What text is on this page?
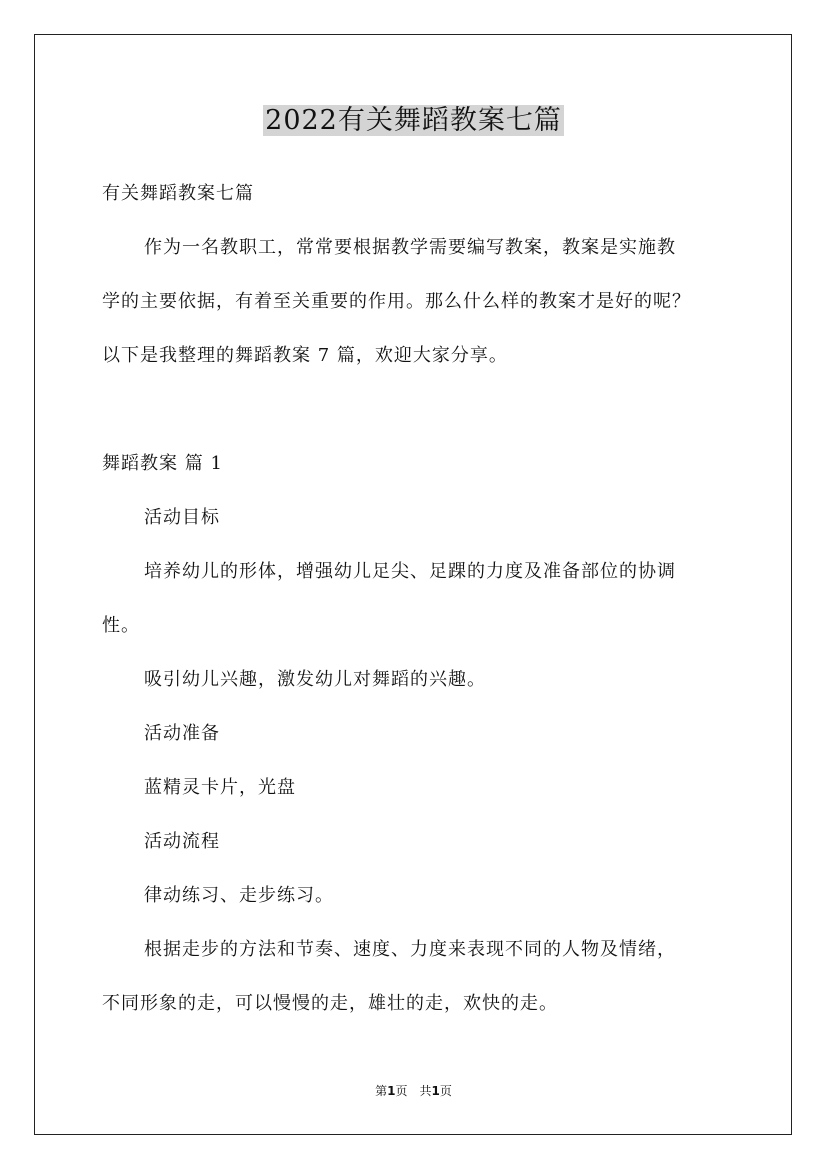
2022有关舞蹈教案七篇
有关舞蹈教案七篇
作为一名教职工，常常要根据教学需要编写教案，教案是实施教
学的主要依据，有着至关重要的作用。那么什么样的教案才是好的呢？
以下是我整理的舞蹈教案 7 篇，欢迎大家分享。
舞蹈教案 篇 1
活动目标
培养幼儿的形体，增强幼儿足尖、足踝的力度及准备部位的协调
性。
吸引幼儿兴趣，激发幼儿对舞蹈的兴趣。
活动准备
蓝精灵卡片，光盘
活动流程
律动练习、走步练习。
根据走步的方法和节奏、速度、力度来表现不同的人物及情绪，
不同形象的走，可以慢慢的走，雄壮的走，欢快的走。
第1页　共1页
